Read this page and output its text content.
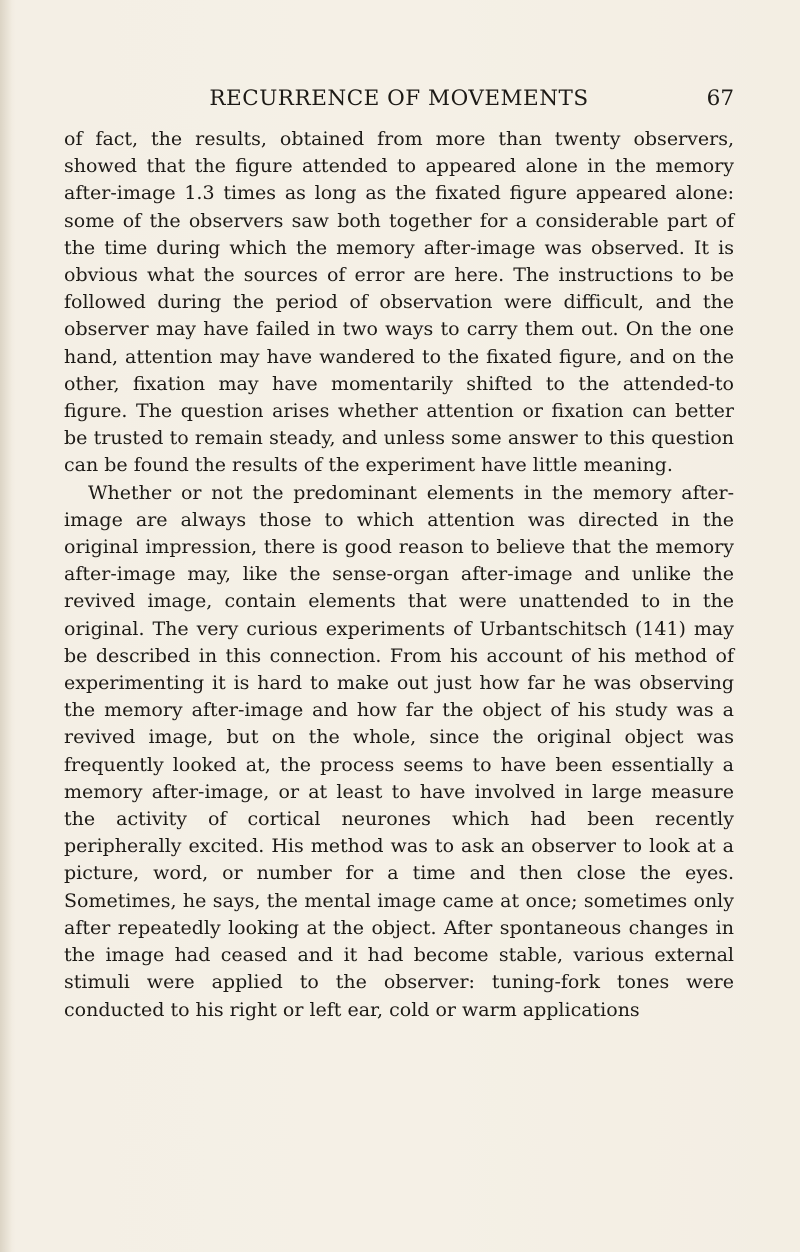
RECURRENCE OF MOVEMENTS	67

of fact, the results, obtained from more than twenty observers, showed that the figure attended to appeared alone in the memory after-image 1.3 times as long as the fixated figure appeared alone: some of the observers saw both together for a considerable part of the time during which the memory after-image was observed. It is obvious what the sources of error are here. The instructions to be followed during the period of observation were difficult, and the observer may have failed in two ways to carry them out. On the one hand, attention may have wandered to the fixated figure, and on the other, fixation may have momentarily shifted to the attended-to figure. The question arises whether attention or fixation can better be trusted to remain steady, and unless some answer to this question can be found the results of the experiment have little meaning.

Whether or not the predominant elements in the memory after-image are always those to which attention was directed in the original impression, there is good reason to believe that the memory after-image may, like the sense-organ after-image and unlike the revived image, contain elements that were unattended to in the original. The very curious experiments of Urbantschitsch (141) may be described in this connection. From his account of his method of experimenting it is hard to make out just how far he was observing the memory after-image and how far the object of his study was a revived image, but on the whole, since the original object was frequently looked at, the process seems to have been essentially a memory after-image, or at least to have involved in large measure the activity of cortical neurones which had been recently peripherally excited. His method was to ask an observer to look at a picture, word, or number for a time and then close the eyes. Sometimes, he says, the mental image came at once; sometimes only after repeatedly looking at the object. After spontaneous changes in the image had ceased and it had become stable, various external stimuli were applied to the observer: tuning-fork tones were conducted to his right or left ear, cold or warm applications
